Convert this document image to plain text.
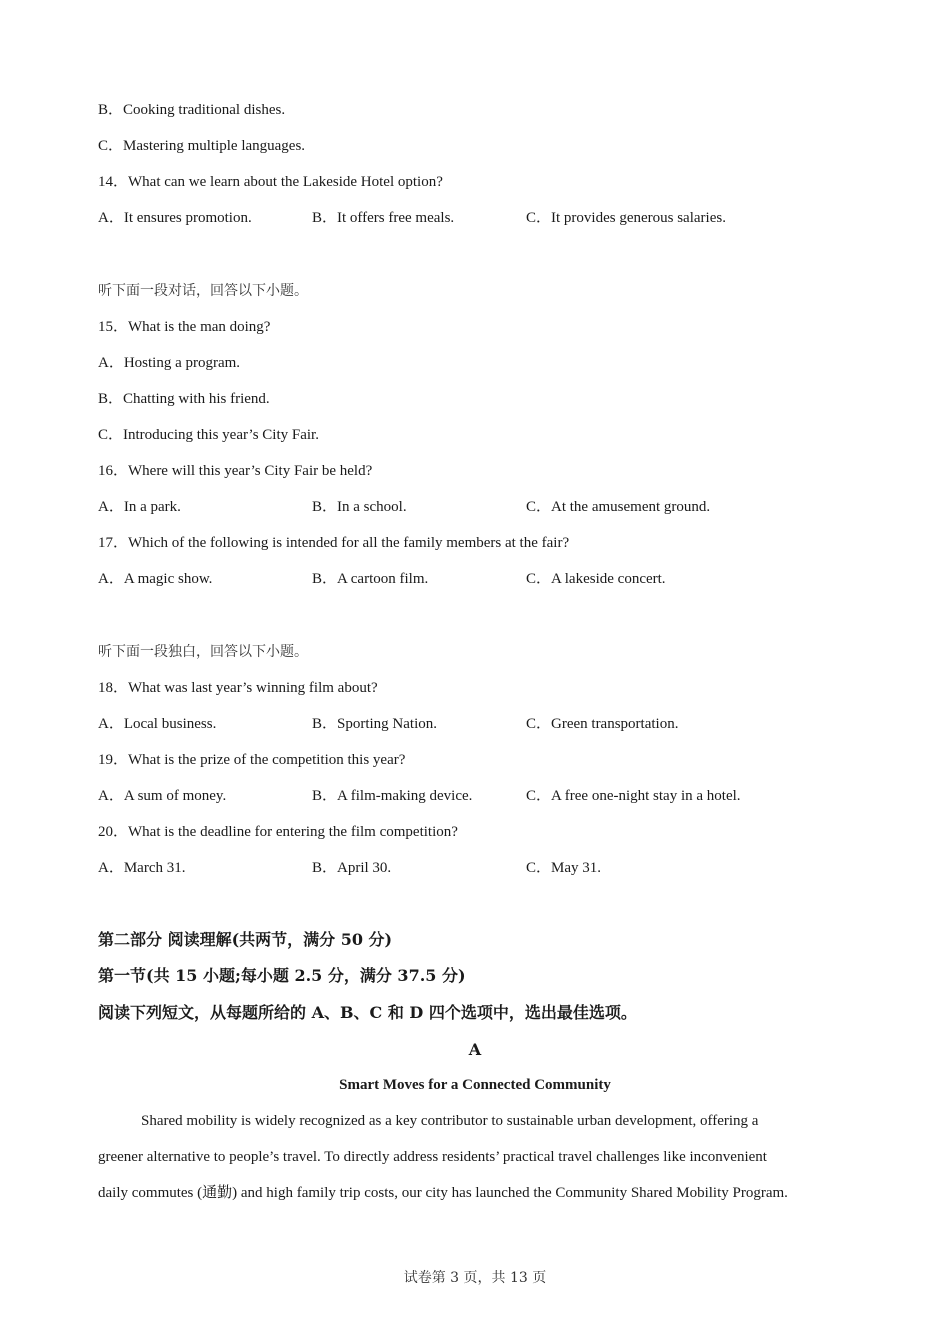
B．Cooking traditional dishes.
C．Mastering multiple languages.
14．What can we learn about the Lakeside Hotel option?
A．It ensures promotion.	B．It offers free meals.	C．It provides generous salaries.
听下面一段对话，回答以下小题。
15．What is the man doing?
A．Hosting a program.
B．Chatting with his friend.
C．Introducing this year’s City Fair.
16．Where will this year’s City Fair be held?
A．In a park.	B．In a school.	C．At the amusement ground.
17．Which of the following is intended for all the family members at the fair?
A．A magic show.	B．A cartoon film.	C．A lakeside concert.
听下面一段独白，回答以下小题。
18．What was last year’s winning film about?
A．Local business.	B．Sporting Nation.	C．Green transportation.
19．What is the prize of the competition this year?
A．A sum of money.	B．A film-making device.	C．A free one-night stay in a hotel.
20．What is the deadline for entering the film competition?
A．March 31.	B．April 30.	C．May 31.
第二部分 阅读理解(共两节，满分 50 分)
第一节(共 15 小题;每小题 2.5 分，满分 37.5 分)
阅读下列短文，从每题所给的 A、B、C 和 D 四个选项中，选出最佳选项。
A
Smart Moves for a Connected Community
Shared mobility is widely recognized as a key contributor to sustainable urban development, offering a
greener alternative to people’s travel. To directly address residents’ practical travel challenges like inconvenient
daily commutes (通勤) and high family trip costs, our city has launched the Community Shared Mobility Program.
试卷第 3 页，共 13 页
